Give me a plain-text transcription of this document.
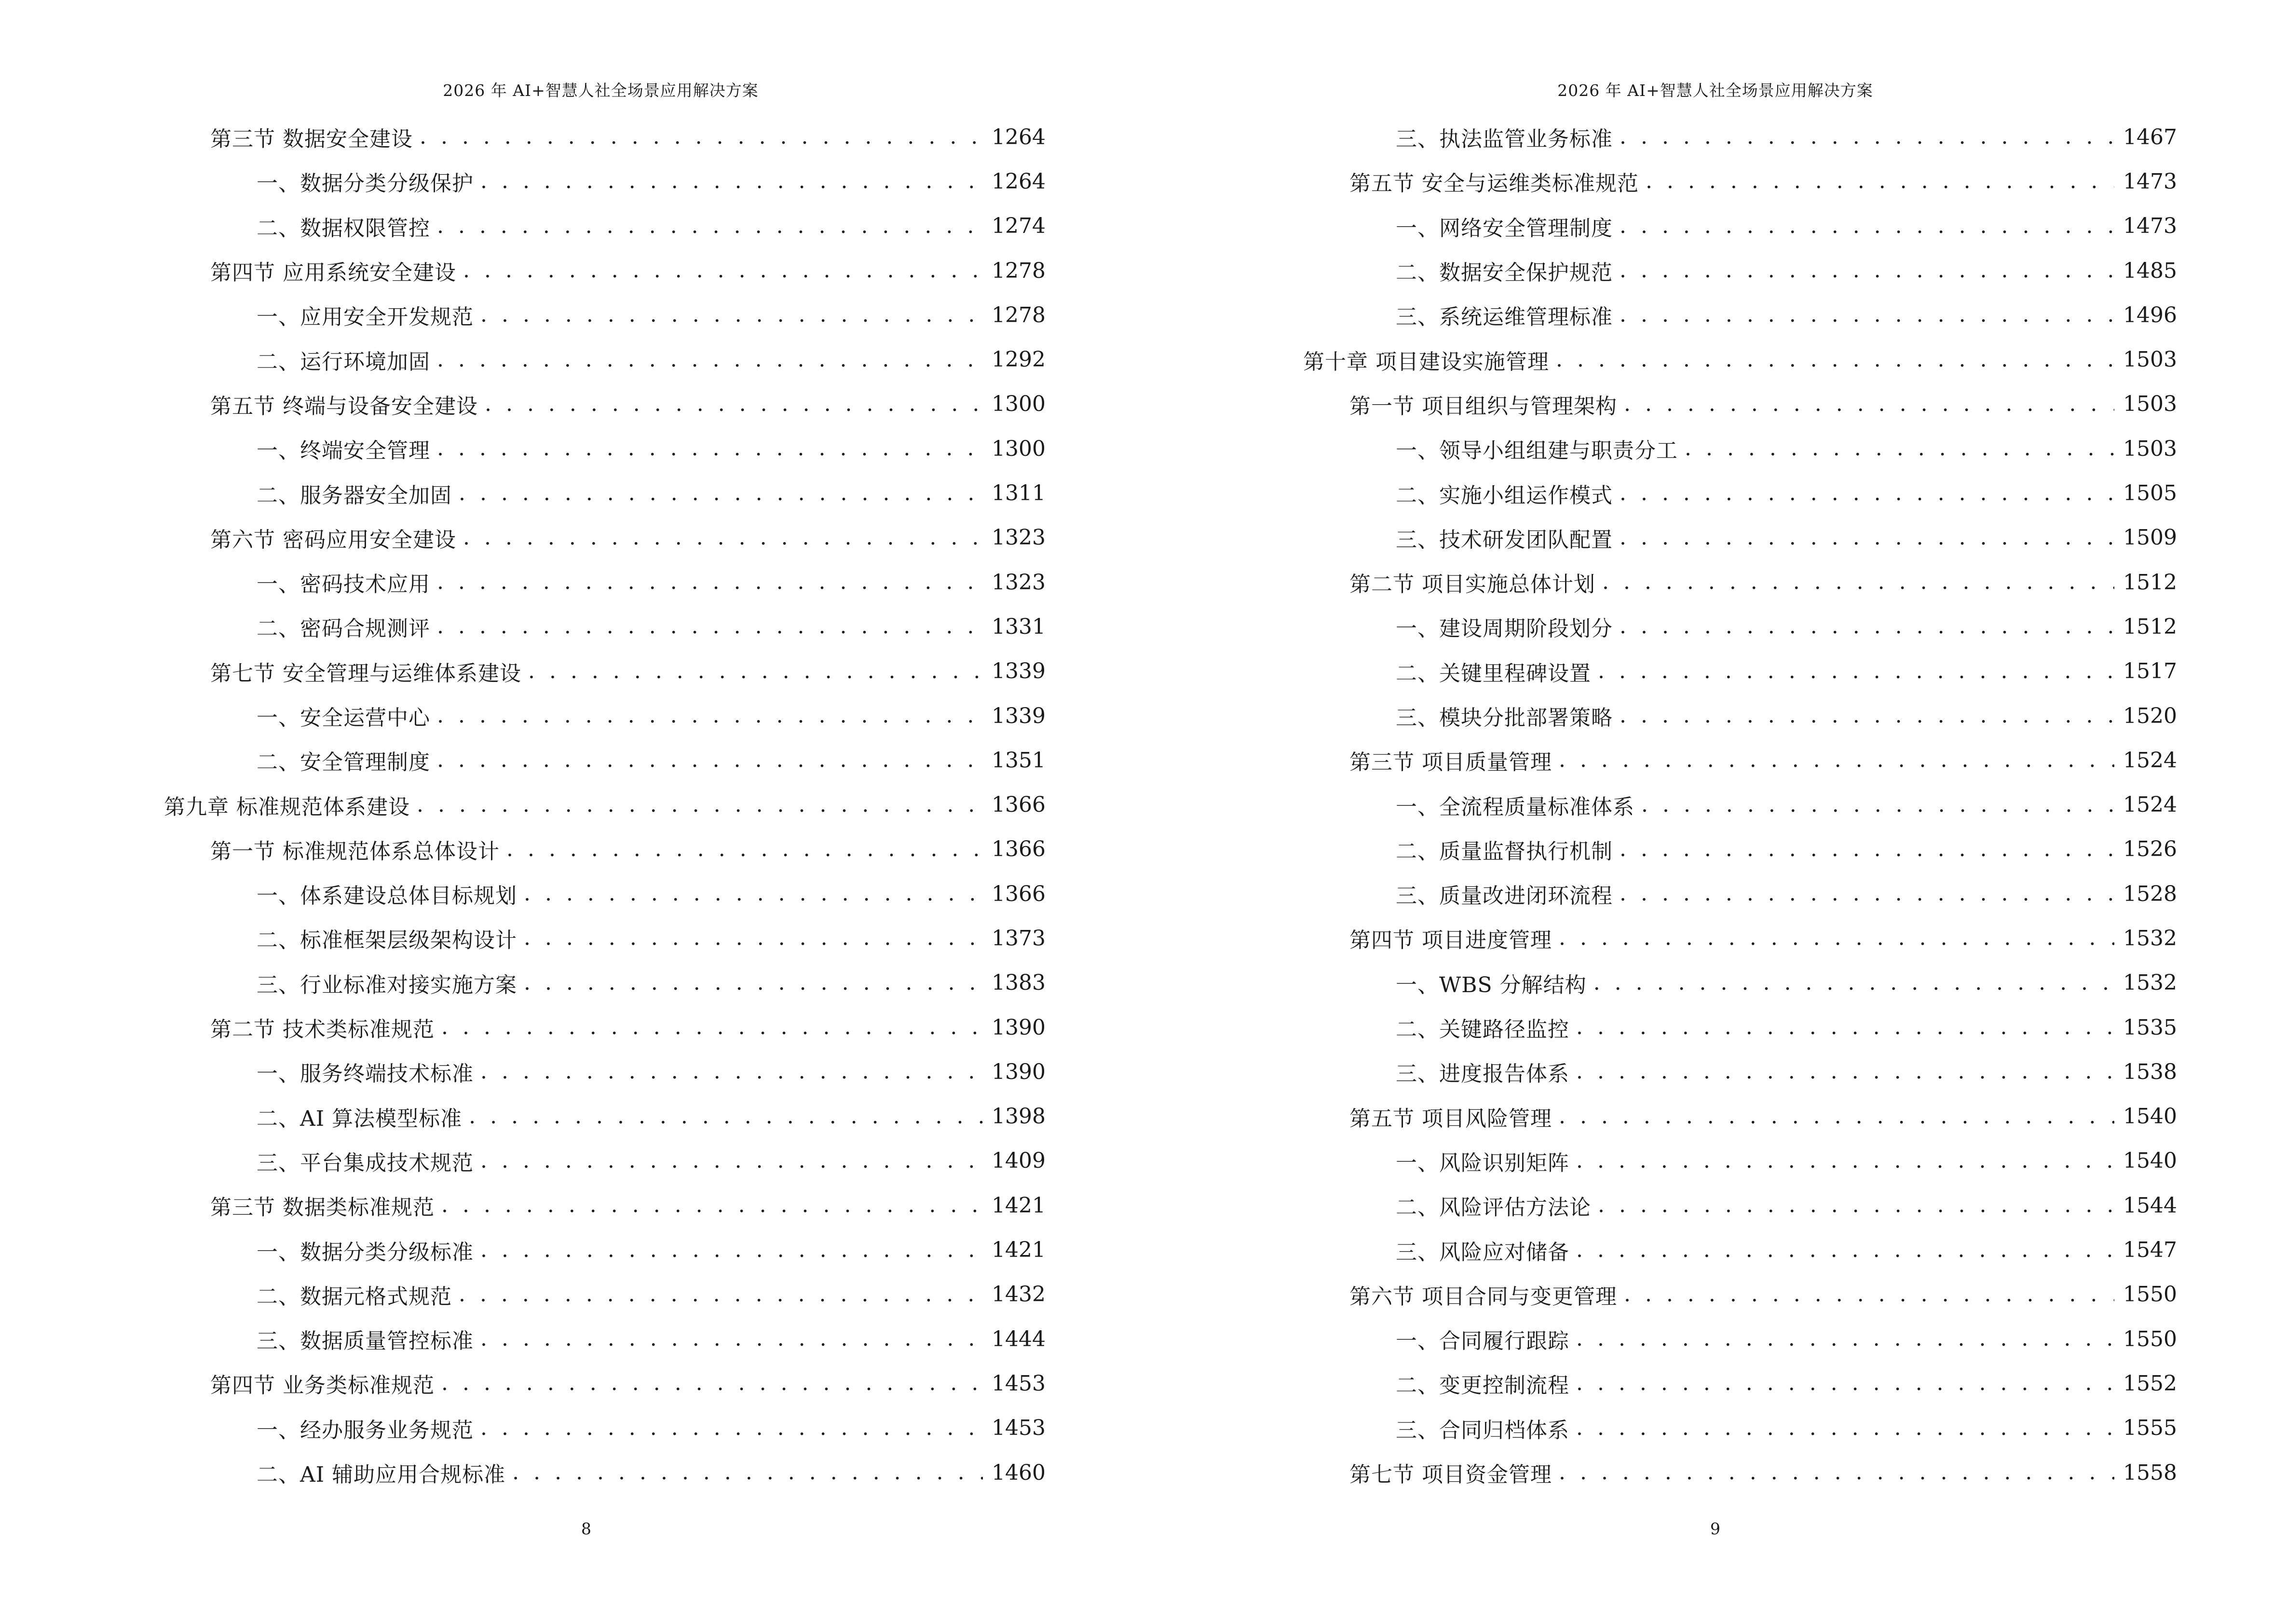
2026 年 AI+智慧人社全场景应用解决方案
第三节 数据安全建设 . . .	1264
一、数据分类分级保护 . . .	1264
二、数据权限管控 . . .	1274
第四节 应用系统安全建设 . . .	1278
一、应用安全开发规范 . . .	1278
二、运行环境加固 . . .	1292
第五节 终端与设备安全建设 . . .	1300
一、终端安全管理 . . .	1300
二、服务器安全加固 . . .	1311
第六节 密码应用安全建设 . . .	1323
一、密码技术应用 . . .	1323
二、密码合规测评 . . .	1331
第七节 安全管理与运维体系建设 . . .	1339
一、安全运营中心 . . .	1339
二、安全管理制度 . . .	1351
第九章 标准规范体系建设 . . .	1366
第一节 标准规范体系总体设计 . . .	1366
一、体系建设总体目标规划 . . .	1366
二、标准框架层级架构设计 . . .	1373
三、行业标准对接实施方案 . . .	1383
第二节 技术类标准规范 . . .	1390
一、服务终端技术标准 . . .	1390
二、AI 算法模型标准 . . .	1398
三、平台集成技术规范 . . .	1409
第三节 数据类标准规范 . . .	1421
一、数据分类分级标准 . . .	1421
二、数据元格式规范 . . .	1432
三、数据质量管控标准 . . .	1444
第四节 业务类标准规范 . . .	1453
一、经办服务业务规范 . . .	1453
二、AI 辅助应用合规标准 . . .	1460
8
2026 年 AI+智慧人社全场景应用解决方案
三、执法监管业务标准 . . .	1467
第五节 安全与运维类标准规范 . . .	1473
一、网络安全管理制度 . . .	1473
二、数据安全保护规范 . . .	1485
三、系统运维管理标准 . . .	1496
第十章 项目建设实施管理 . . .	1503
第一节 项目组织与管理架构 . . .	1503
一、领导小组组建与职责分工 . . .	1503
二、实施小组运作模式 . . .	1505
三、技术研发团队配置 . . .	1509
第二节 项目实施总体计划 . . .	1512
一、建设周期阶段划分 . . .	1512
二、关键里程碑设置 . . .	1517
三、模块分批部署策略 . . .	1520
第三节 项目质量管理 . . .	1524
一、全流程质量标准体系 . . .	1524
二、质量监督执行机制 . . .	1526
三、质量改进闭环流程 . . .	1528
第四节 项目进度管理 . . .	1532
一、WBS 分解结构 . . .	1532
二、关键路径监控 . . .	1535
三、进度报告体系 . . .	1538
第五节 项目风险管理 . . .	1540
一、风险识别矩阵 . . .	1540
二、风险评估方法论 . . .	1544
三、风险应对储备 . . .	1547
第六节 项目合同与变更管理 . . .	1550
一、合同履行跟踪 . . .	1550
二、变更控制流程 . . .	1552
三、合同归档体系 . . .	1555
第七节 项目资金管理 . . .	1558
9
